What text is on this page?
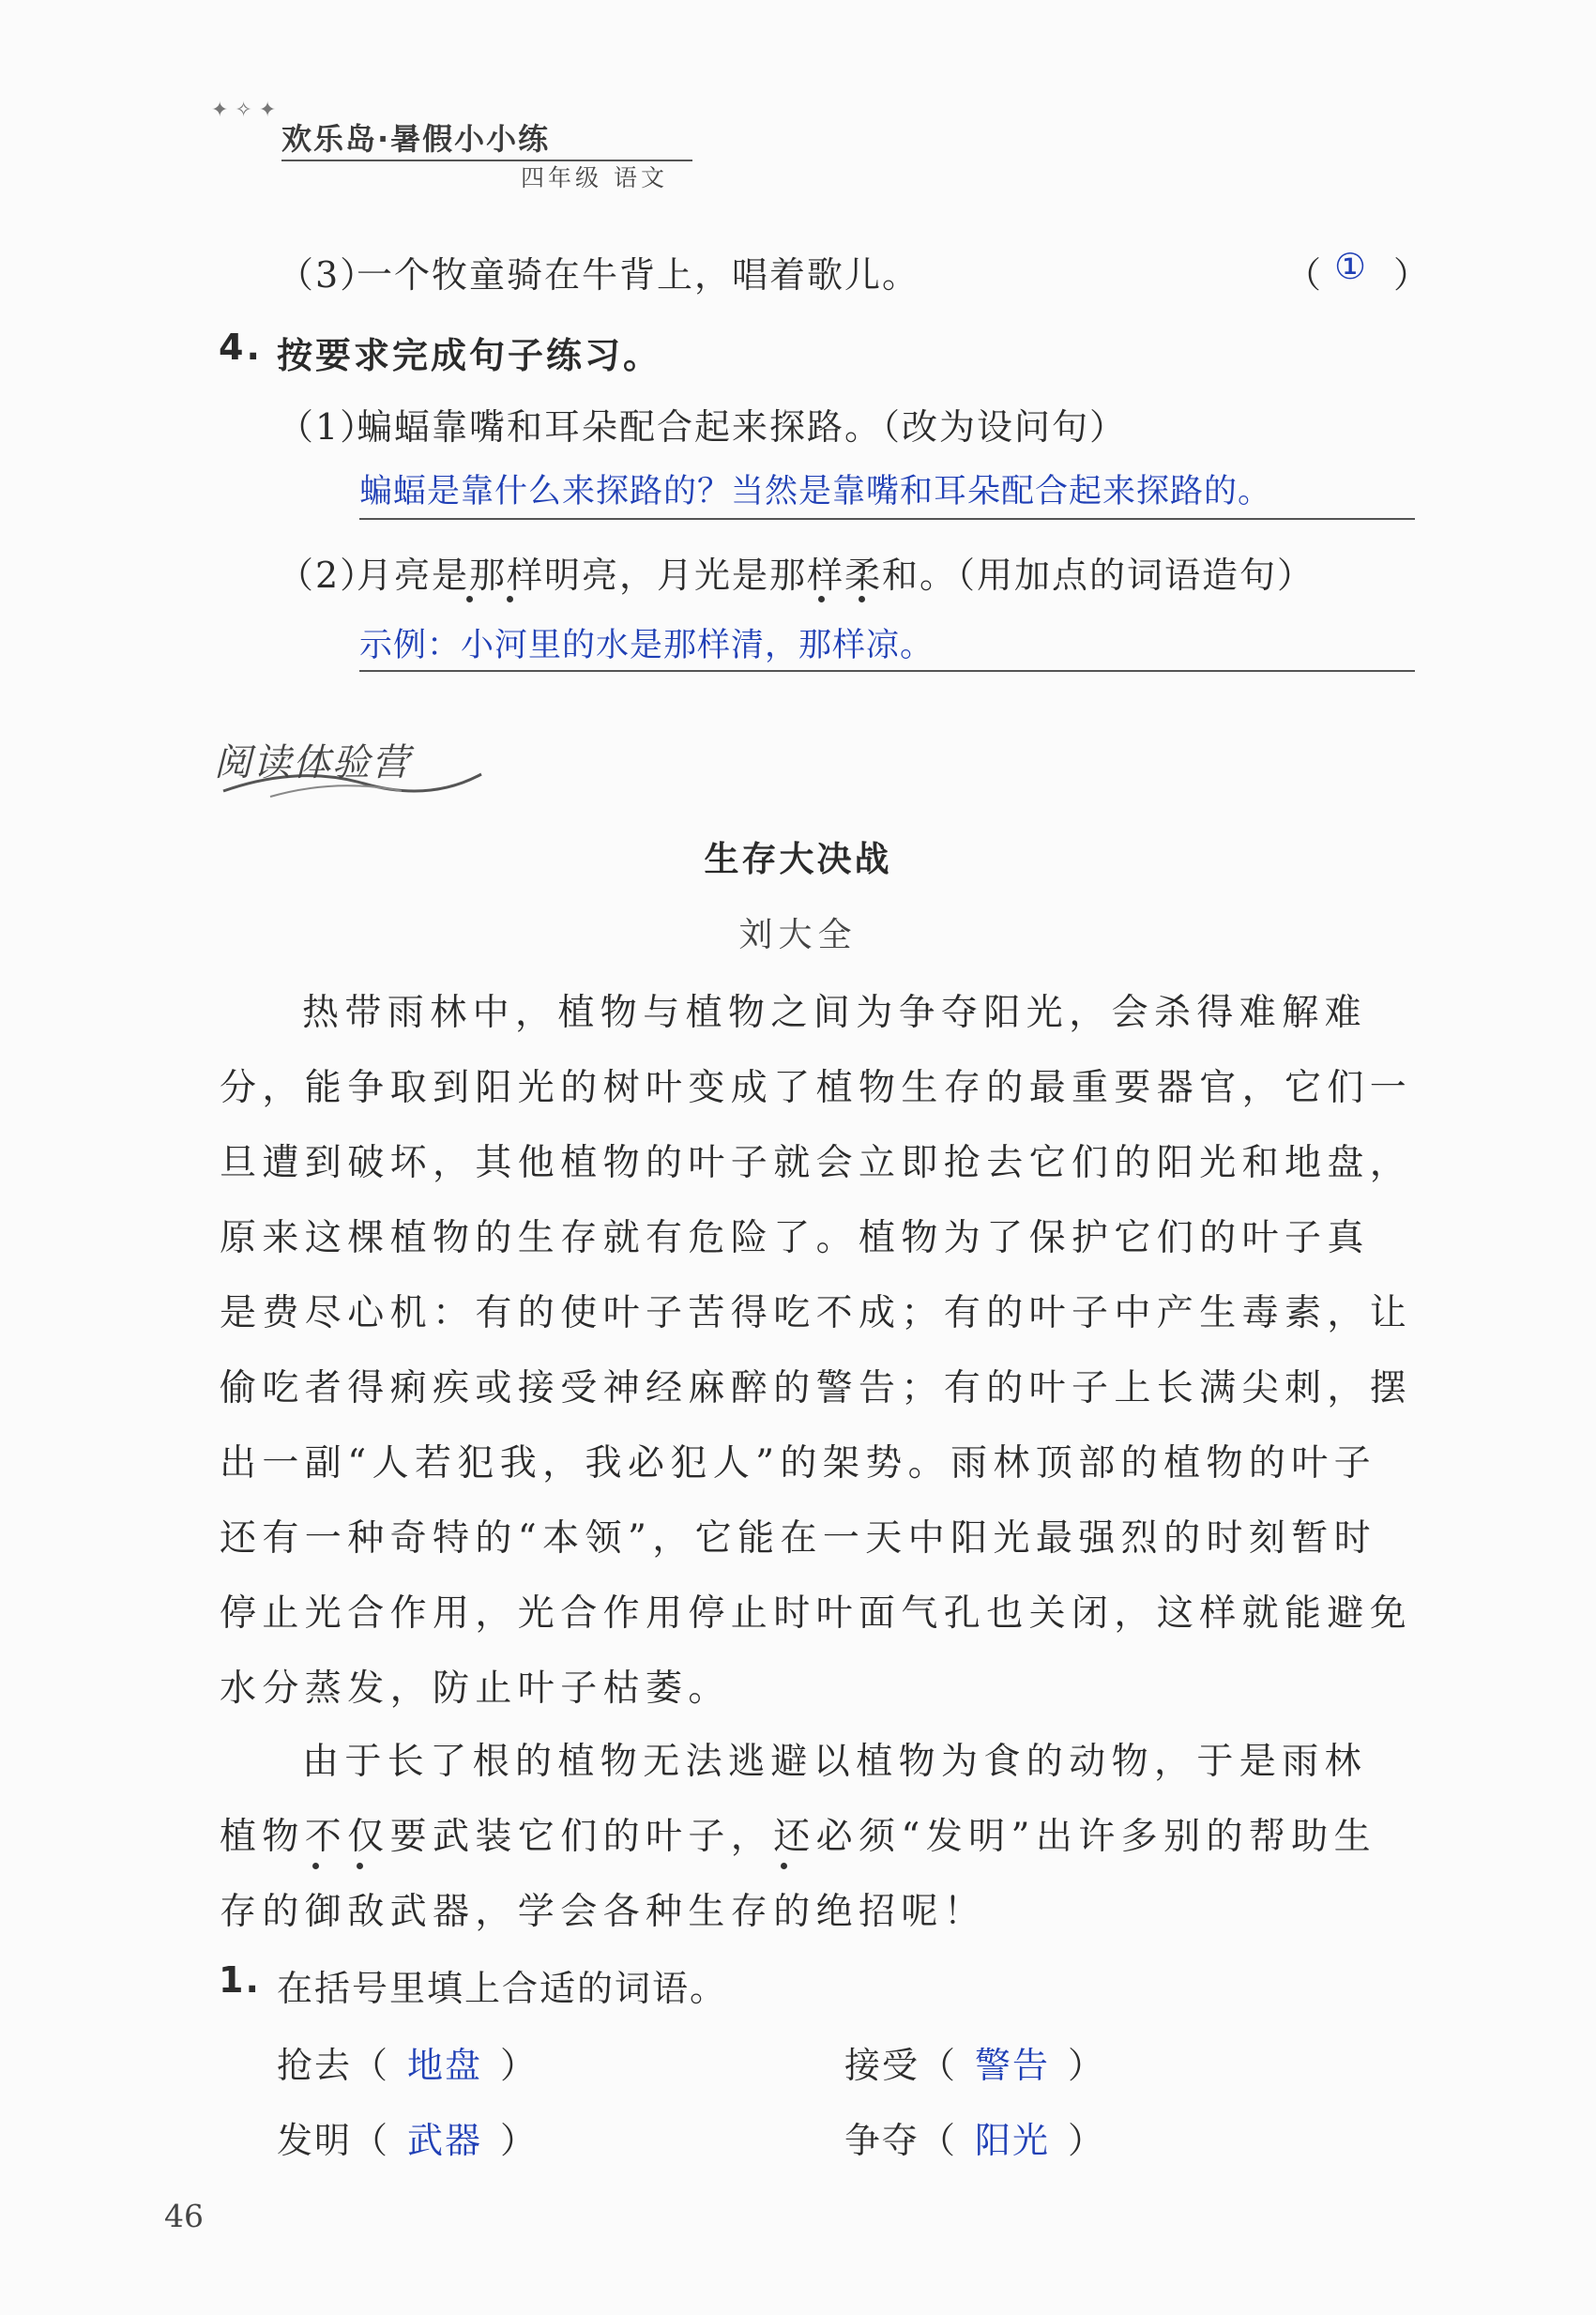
✦ ✧ ✦
欢乐岛·暑假小小练
四年级 语文
（3）
一个牧童骑在牛背上，唱着歌儿。	（ ① ）
4. 按要求完成句子练习。
（1）
蝙蝠靠嘴和耳朵配合起来探路。（改为设问句）
蝙蝠是靠什么来探路的？当然是靠嘴和耳朵配合起来探路的。
（2）
月亮是那样明亮，月光是那样柔和。（用加点的词语造句）
示例：小河里的水是那样清，那样凉。
阅读体验营
生存大决战
刘大全
热带雨林中，植物与植物之间为争夺阳光，会杀得难解难
分，能争取到阳光的树叶变成了植物生存的最重要器官，它们一
旦遭到破坏，其他植物的叶子就会立即抢去它们的阳光和地盘，
原来这棵植物的生存就有危险了。植物为了保护它们的叶子真
是费尽心机：有的使叶子苦得吃不成；有的叶子中产生毒素，让
偷吃者得痢疾或接受神经麻醉的警告；有的叶子上长满尖刺，摆
出一副“人若犯我，我必犯人”的架势。雨林顶部的植物的叶子
还有一种奇特的“本领”，它能在一天中阳光最强烈的时刻暂时
停止光合作用，光合作用停止时叶面气孔也关闭，这样就能避免
水分蒸发，防止叶子枯萎。
由于长了根的植物无法逃避以植物为食的动物，于是雨林
植物不仅要武装它们的叶子，还必须“发明”出许多别的帮助生
存的御敌武器，学会各种生存的绝招呢！
1. 在括号里填上合适的词语。
抢去（ 地盘 ）	接受（ 警告 ）
发明（ 武器 ）	争夺（ 阳光 ）
46
